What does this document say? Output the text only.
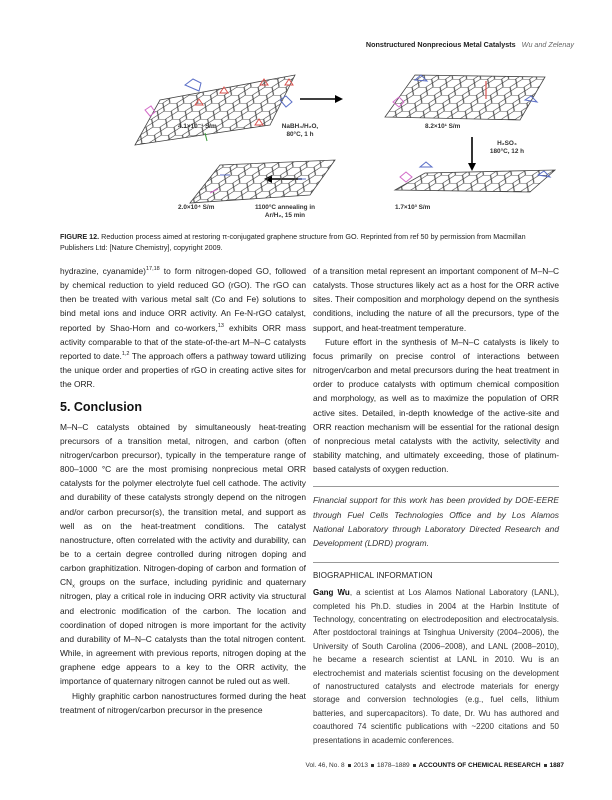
Nonstructured Nonprecious Metal Catalysts Wu and Zelenay
4.1×10⁻¹ S/m	NaBH₄/H₂O,
80°C, 1 h
8.2×10¹ S/m
H₂SO₄
180°C, 12 h
1.7×10³ S/m
2.0×10⁴ S/m	1100°C annealing in
Ar/H₂, 15 min
FIGURE 12. Reduction process aimed at restoring π-conjugated graphene structure from GO. Reprinted from ref 50 by permission from Macmillan Publishers Ltd: [Nature Chemistry], copyright 2009.

hydrazine, cyanamide)$^{17,18}$ to form nitrogen-doped GO, followed by chemical reduction to yield reduced GO (rGO). The rGO can then be treated with various metal salt (Co and Fe) solutions to bind metal ions and induce ORR activity. An Fe-N-rGO catalyst, reported by Shao-Horn and co-workers,$^{13}$ exhibits ORR mass activity comparable to that of the state-of-the-art M–N–C catalysts reported to date.$^{1,2}$ The approach offers a pathway toward utilizing the unique order and properties of rGO in creating active sites for the ORR.

5. Conclusion

M–N–C catalysts obtained by simultaneously heat-treating precursors of a transition metal, nitrogen, and carbon (often nitrogen/carbon precursor), typically in the temperature range of 800–1000 °C are the most promising nonprecious metal ORR catalysts for the polymer electrolyte fuel cell cathode. The activity and durability of these catalysts strongly depend on the nitrogen and/or carbon precursor(s), the transition metal, and support as well as on the heat-treatment conditions. The catalyst nanostructure, often correlated with the activity and durability, can be to a certain degree controlled during nitrogen doping and carbon graphitization. Nitrogen-doping of carbon and formation of $CN_x$ groups on the surface, including pyridinic and quaternary nitrogen, play a critical role in inducing ORR activity via structural and electronic modification of the carbon. The location and coordination of doped nitrogen is more important for the activity and durability of M–N–C catalysts than the total nitrogen content. While, in agreement with previous reports, nitrogen doping at the graphene edge appears to a key to the ORR activity, the importance of quaternary nitrogen cannot be ruled out as well.

Highly graphitic carbon nanostructures formed during the heat treatment of nitrogen/carbon precursor in the presence

of a transition metal represent an important component of M–N–C catalysts. Those structures likely act as a host for the ORR active sites. Their composition and morphology depend on the synthesis conditions, including the nature of all the precursors, type of the support, and heat-treatment temperature.

Future effort in the synthesis of M–N–C catalysts is likely to focus primarily on precise control of interactions between nitrogen/carbon and metal precursors during the heat treatment in order to produce catalysts with optimum chemical composition and morphology, as well as to maximize the population of ORR active sites. Detailed, in-depth knowledge of the active-site and ORR reaction mechanism will be essential for the rational design of nonprecious metal catalysts with the activity, selectivity and stability matching, and ultimately exceeding, those of platinum-based catalysts of oxygen reduction.

Financial support for this work has been provided by DOE-EERE through Fuel Cells Technologies Office and by Los Alamos National Laboratory through Laboratory Directed Research and Development (LDRD) program.

BIOGRAPHICAL INFORMATION

Gang Wu, a scientist at Los Alamos National Laboratory (LANL), completed his Ph.D. studies in 2004 at the Harbin Institute of Technology, concentrating on electrodeposition and electrocatalysis. After postdoctoral trainings at Tsinghua University (2004–2006), the University of South Carolina (2006–2008), and LANL (2008–2010), he became a research scientist at LANL in 2010. Wu is an electrochemist and materials scientist focusing on the development of nanostructured catalysts and electrode materials for energy storage and conversion technologies (e.g., fuel cells, lithium batteries, and supercapacitors). To date, Dr. Wu has authored and coauthored 74 scientific publications with ~2200 citations and 50 presentations in academic conferences.

Vol. 46, No. 8 2013 1878–1889 ACCOUNTS OF CHEMICAL RESEARCH 1887
